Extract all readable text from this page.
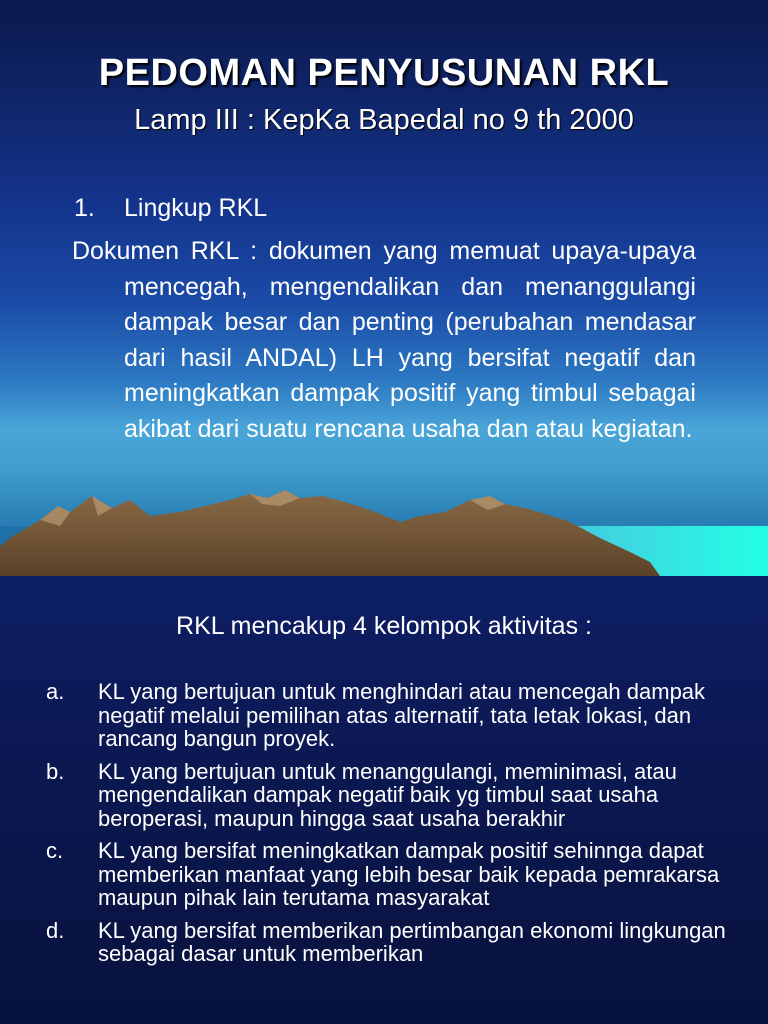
PEDOMAN PENYUSUNAN RKL
Lamp III : KepKa Bapedal no 9 th 2000
1. Lingkup RKL
Dokumen RKL : dokumen yang memuat upaya-upaya mencegah, mengendalikan dan menanggulangi dampak besar dan penting (perubahan mendasar dari hasil ANDAL) LH yang bersifat negatif dan meningkatkan dampak positif yang timbul sebagai akibat dari suatu rencana usaha dan atau kegiatan.
RKL mencakup 4 kelompok aktivitas :
a. KL yang bertujuan untuk menghindari atau mencegah dampak negatif melalui pemilihan atas alternatif, tata letak lokasi, dan rancang bangun proyek.
b. KL yang bertujuan untuk menanggulangi, meminimasi, atau mengendalikan dampak negatif baik yg timbul saat usaha beroperasi, maupun hingga saat usaha berakhir
c. KL yang bersifat meningkatkan dampak positif sehinnga dapat memberikan manfaat yang lebih besar baik kepada pemrakarsa maupun pihak lain terutama masyarakat
d. KL yang bersifat memberikan pertimbangan ekonomi lingkungan sebagai dasar untuk memberikan
